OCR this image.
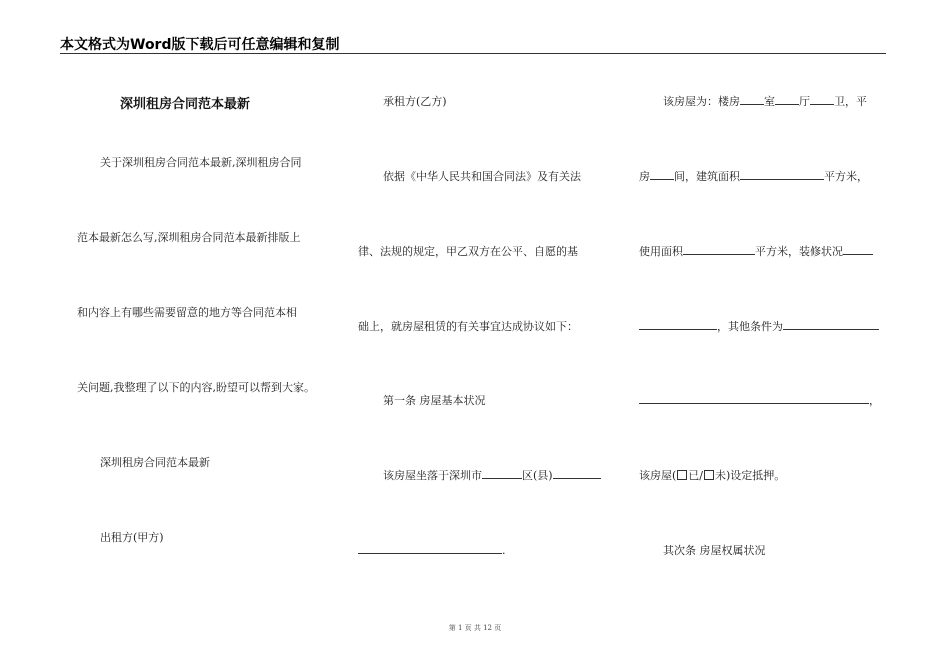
本文格式为Word版下载后可任意编辑和复制
深圳租房合同范本最新
关于深圳租房合同范本最新,深圳租房合同
范本最新怎么写,深圳租房合同范本最新排版上
和内容上有哪些需要留意的地方等合同范本相
关问题,我整理了以下的内容,盼望可以帮到大家。
深圳租房合同范本最新
出租方(甲方)
承租方(乙方)
依据《中华人民共和国合同法》及有关法
律、法规的规定，甲乙双方在公平、自愿的基
础上，就房屋租赁的有关事宜达成协议如下：
第一条 房屋基本状况
该房屋坐落于深圳市	区(县)
.
该房屋为：楼房 室 厅 卫，平
房 间，建筑面积	平方米，
使用面积	平方米，装修状况
，其他条件为
，
该房屋( 已/ 未)设定抵押。
其次条 房屋权属状况
第 1 页 共 12 页
